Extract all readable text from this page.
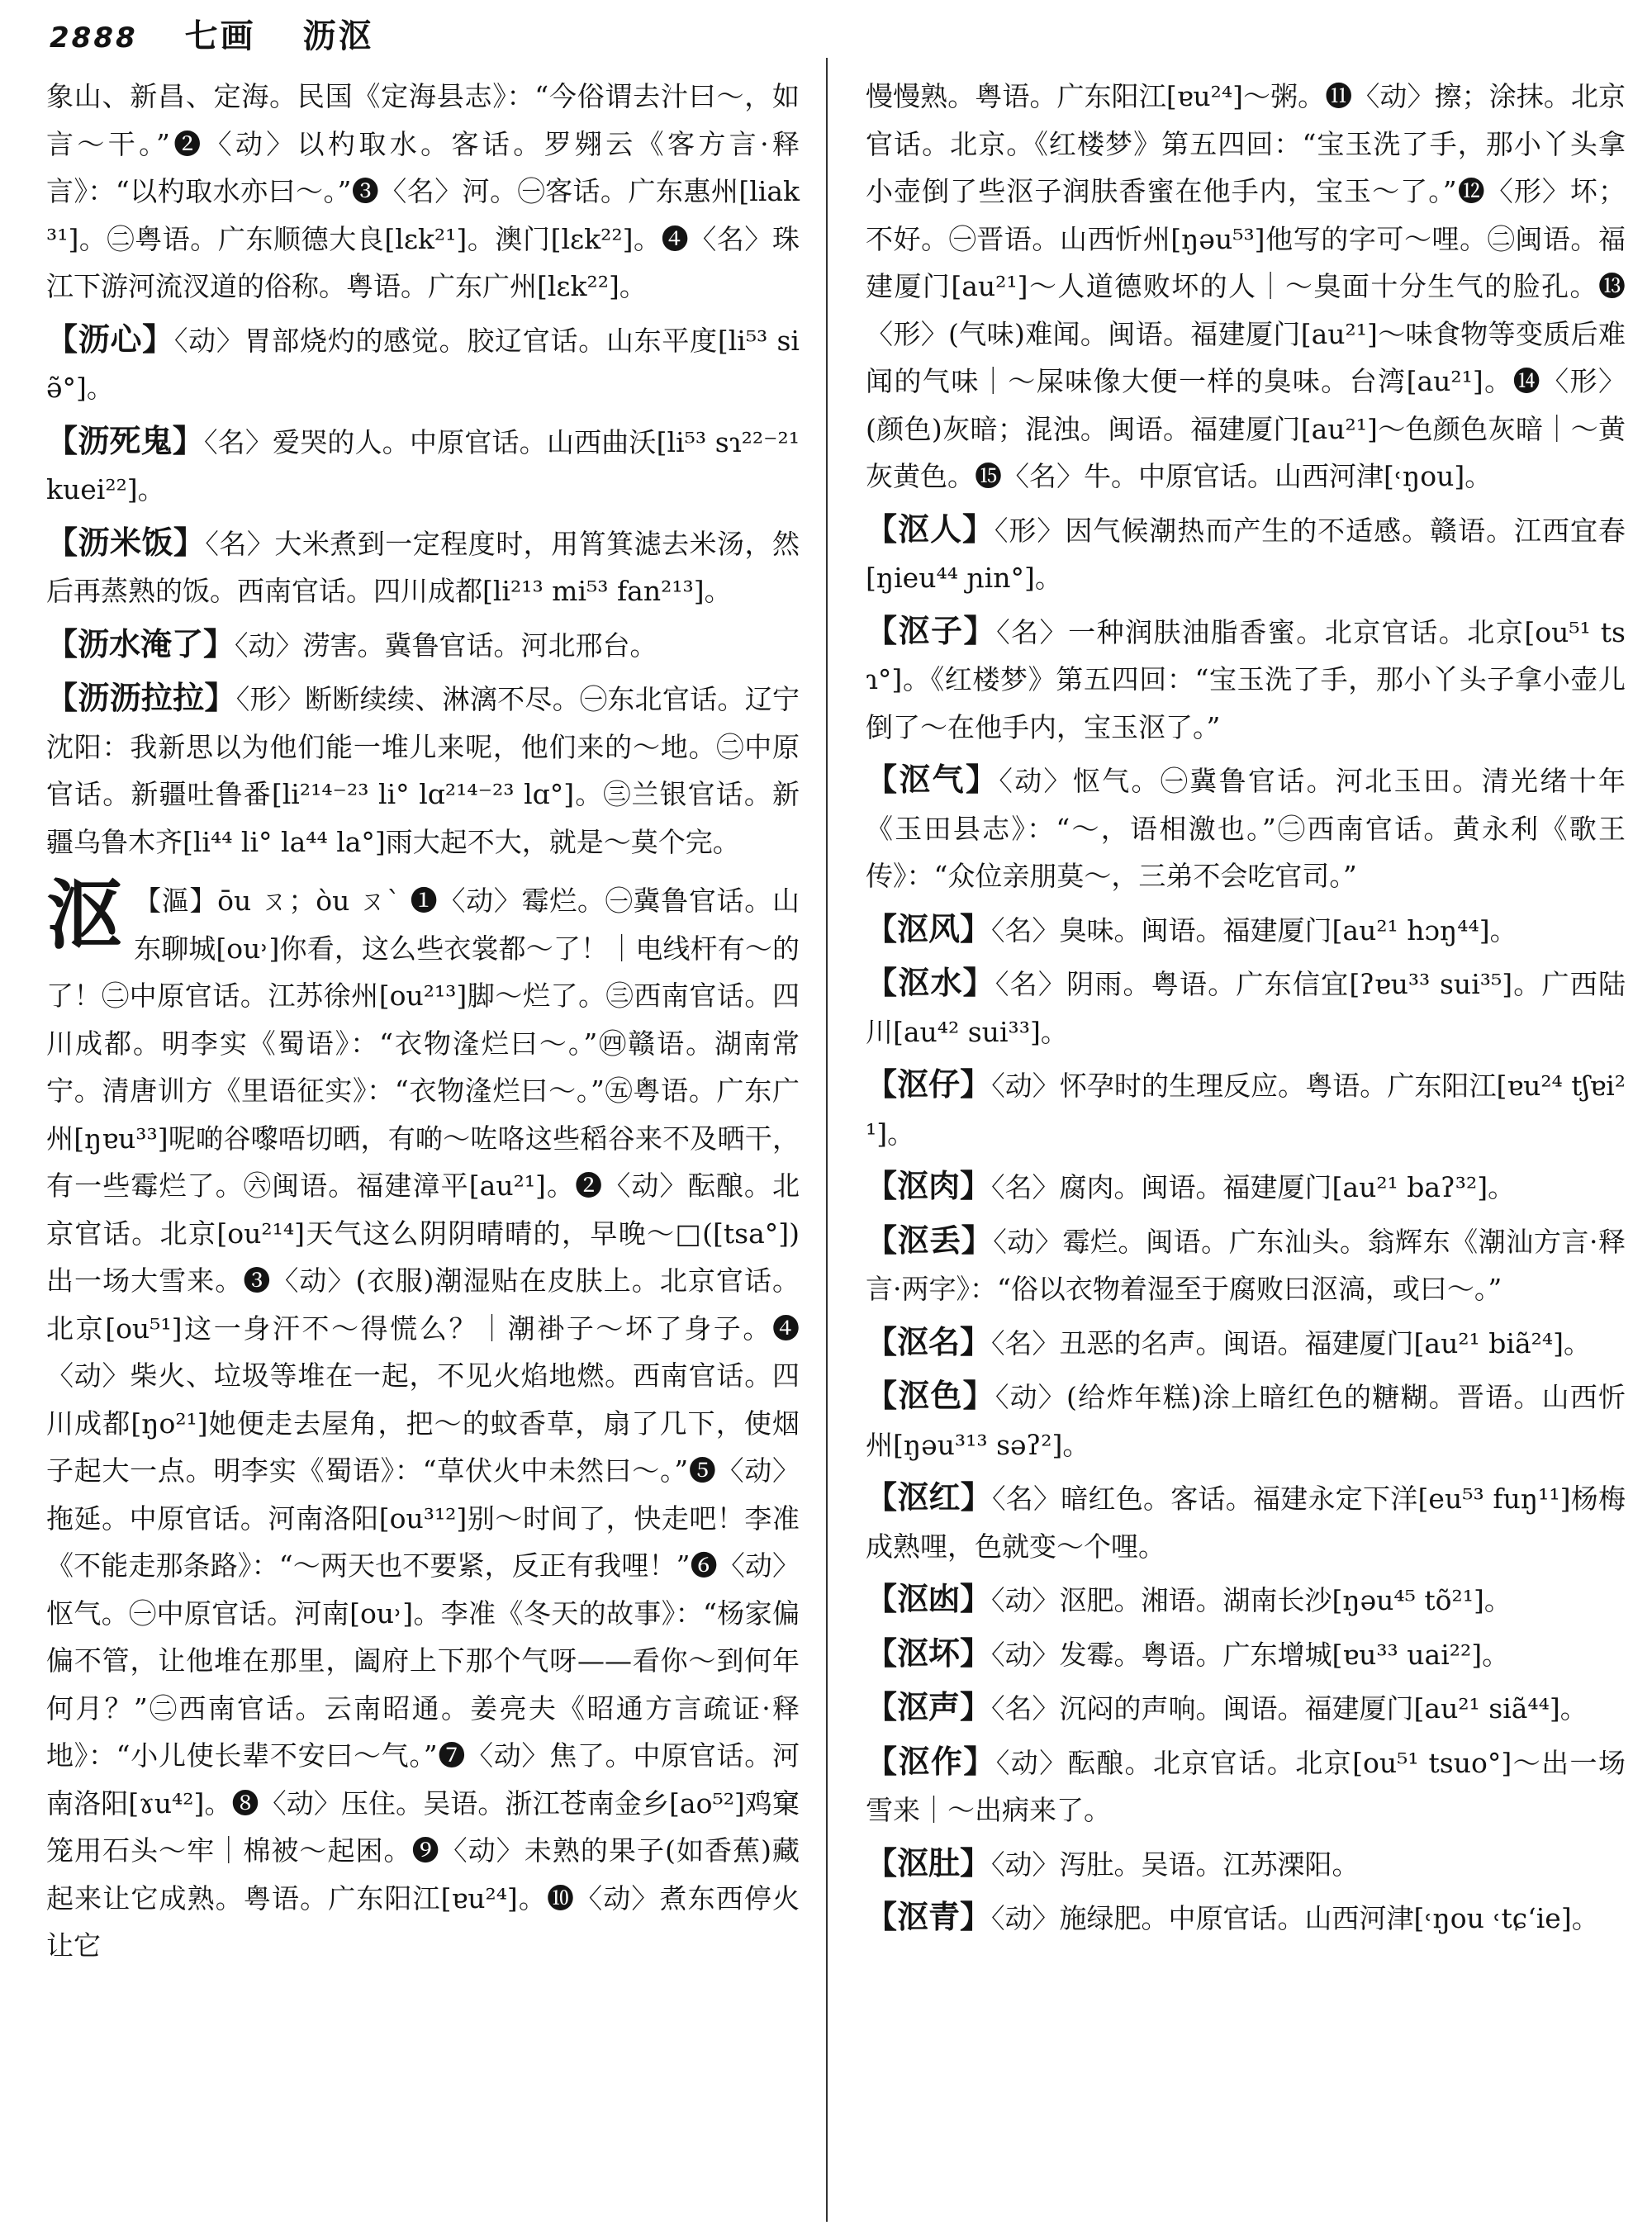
2888 七画 沥沤

象山、新昌、定海。民国《定海县志》：“今俗谓去汁曰～，如言～干。”❷〈动〉以杓取水。客话。罗翙云《客方言·释言》：“以杓取水亦曰～。”❸〈名〉河。㊀客话。广东惠州[liak³¹]。㊁粤语。广东顺德大良[lɛk²¹]。澳门[lɛk²²]。❹〈名〉珠江下游河流汊道的俗称。粤语。广东广州[lɛk²²]。

【沥心】〈动〉胃部烧灼的感觉。胶辽官话。山东平度[li⁵³ siə̃°]。

【沥死鬼】〈名〉爱哭的人。中原官话。山西曲沃[li⁵³ sɿ²²⁻²¹ kuei²²]。

【沥米饭】〈名〉大米煮到一定程度时，用筲箕滤去米汤，然后再蒸熟的饭。西南官话。四川成都[li²¹³ mi⁵³ fan²¹³]。

【沥水淹了】〈动〉涝害。冀鲁官话。河北邢台。

【沥沥拉拉】〈形〉断断续续、淋漓不尽。㊀东北官话。辽宁沈阳：我新思以为他们能一堆儿来呢，他们来的～地。㊁中原官话。新疆吐鲁番[li²¹⁴⁻²³ li° lɑ²¹⁴⁻²³ lɑ°]。㊂兰银官话。新疆乌鲁木齐[li⁴⁴ li° la⁴⁴ la°]雨大起不大，就是～莫个完。

沤 【漚】ōu ㄡ；òu ㄡˋ ❶〈动〉霉烂。㊀冀鲁官话。山东聊城[ou˒]你看，这么些衣裳都～了！｜电线杆有～的了！㊁中原官话。江苏徐州[ou²¹³]脚～烂了。㊂西南官话。四川成都。明李实《蜀语》：“衣物湰烂曰～。”㊃赣语。湖南常宁。清唐训方《里语征实》：“衣物湰烂曰～。”㊄粤语。广东广州[ŋɐu³³]呢啲谷嚟唔切晒，有啲～咗咯这些稻谷来不及晒干，有一些霉烂了。㊅闽语。福建漳平[au²¹]。❷〈动〉酝酿。北京官话。北京[ou²¹⁴]天气这么阴阴晴晴的，早晚～□([tsa°])出一场大雪来。❸〈动〉(衣服)潮湿贴在皮肤上。北京官话。北京[ou⁵¹]这一身汗不～得慌么？｜潮褂子～坏了身子。❹〈动〉柴火、垃圾等堆在一起，不见火焰地燃。西南官话。四川成都[ŋo²¹]她便走去屋角，把～的蚊香草，扇了几下，使烟子起大一点。明李实《蜀语》：“草伏火中未然曰～。”❺〈动〉拖延。中原官话。河南洛阳[ou³¹²]别～时间了，快走吧！李准《不能走那条路》：“～两天也不要紧，反正有我哩！”❻〈动〉怄气。㊀中原官话。河南[ou˒]。李准《冬天的故事》：“杨家偏偏不管，让他堆在那里，阖府上下那个气呀——看你～到何年何月？”㊁西南官话。云南昭通。姜亮夫《昭通方言疏证·释地》：“小儿使长辈不安曰～气。”❼〈动〉焦了。中原官话。河南洛阳[ɤu⁴²]。❽〈动〉压住。吴语。浙江苍南金乡[ao⁵²]鸡窠笼用石头～牢｜棉被～起困。❾〈动〉未熟的果子(如香蕉)藏起来让它成熟。粤语。广东阳江[ɐu²⁴]。❿〈动〉煮东西停火让它

慢慢熟。粤语。广东阳江[ɐu²⁴]～粥。⓫〈动〉擦；涂抹。北京官话。北京。《红楼梦》第五四回：“宝玉洗了手，那小丫头拿小壶倒了些沤子润肤香蜜在他手内，宝玉～了。”⓬〈形〉坏；不好。㊀晋语。山西忻州[ŋəu⁵³]他写的字可～哩。㊁闽语。福建厦门[au²¹]～人道德败坏的人｜～臭面十分生气的脸孔。⓭〈形〉(气味)难闻。闽语。福建厦门[au²¹]～味食物等变质后难闻的气味｜～屎味像大便一样的臭味。台湾[au²¹]。⓮〈形〉(颜色)灰暗；混浊。闽语。福建厦门[au²¹]～色颜色灰暗｜～黄灰黄色。⓯〈名〉牛。中原官话。山西河津[˓ŋou]。

【沤人】〈形〉因气候潮热而产生的不适感。赣语。江西宜春[ŋieu⁴⁴ ɲin°]。

【沤子】〈名〉一种润肤油脂香蜜。北京官话。北京[ou⁵¹ tsɿ°]。《红楼梦》第五四回：“宝玉洗了手，那小丫头子拿小壶儿倒了～在他手内，宝玉沤了。”

【沤气】〈动〉怄气。㊀冀鲁官话。河北玉田。清光绪十年《玉田县志》：“～，语相激也。”㊁西南官话。黄永利《歌王传》：“众位亲朋莫～，三弟不会吃官司。”

【沤风】〈名〉臭味。闽语。福建厦门[au²¹ hɔŋ⁴⁴]。

【沤水】〈名〉阴雨。粤语。广东信宜[ʔɐu³³ sui³⁵]。广西陆川[au⁴² sui³³]。

【沤仔】〈动〉怀孕时的生理反应。粤语。广东阳江[ɐu²⁴ tʃɐi²¹]。

【沤肉】〈名〉腐肉。闽语。福建厦门[au²¹ baʔ³²]。

【沤丢】〈动〉霉烂。闽语。广东汕头。翁辉东《潮汕方言·释言·两字》：“俗以衣物着湿至于腐败曰沤滈，或曰～。”

【沤名】〈名〉丑恶的名声。闽语。福建厦门[au²¹ biã²⁴]。

【沤色】〈动〉(给炸年糕)涂上暗红色的糖糊。晋语。山西忻州[ŋəu³¹³ səʔ²]。

【沤红】〈名〉暗红色。客话。福建永定下洋[eu⁵³ fuŋ¹¹]杨梅成熟哩，色就变～个哩。

【沤凼】〈动〉沤肥。湘语。湖南长沙[ŋəu⁴⁵ tõ²¹]。

【沤坏】〈动〉发霉。粤语。广东增城[ɐu³³ uai²²]。

【沤声】〈名〉沉闷的声响。闽语。福建厦门[au²¹ siã⁴⁴]。

【沤作】〈动〉酝酿。北京官话。北京[ou⁵¹ tsuo°]～出一场雪来｜～出病来了。

【沤肚】〈动〉泻肚。吴语。江苏溧阳。

【沤青】〈动〉施绿肥。中原官话。山西河津[˓ŋou ˓tɕʻie]。
